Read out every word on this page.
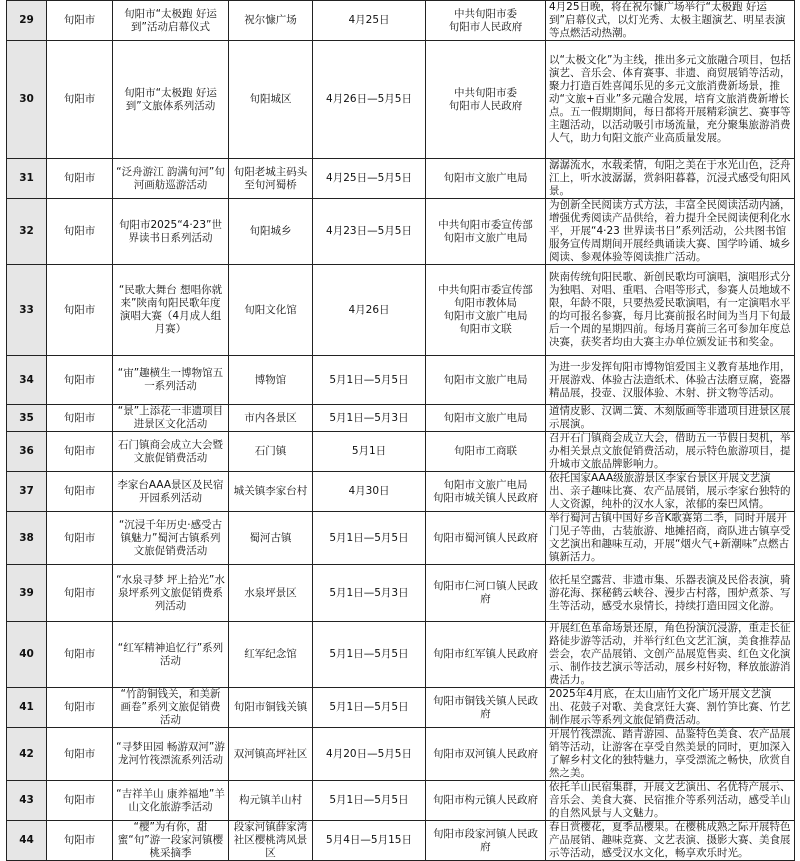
29	旬阳市	旬阳市“太极跑 好运到”活动启幕仪式	祝尔慷广场	4月25日	中共旬阳市委
旬阳市人民政府	4月25日晚，将在祝尔慷广场举行“太极跑 好运到”启幕仪式，以灯光秀、太极主题演艺、明星表演等点燃活动热潮。
30	旬阳市	旬阳市“太极跑 好运到”文旅体系列活动	旬阳城区	4月26日—5月5日	中共旬阳市委
旬阳市人民政府	以“太极文化”为主线，推出多元文旅融合项目，包括演艺、音乐会、体育赛事、非遗、商贸展销等活动，聚力打造百姓喜闻乐见的多元文旅消费新场景，推动“文旅+百业”多元融合发展，培育文旅消费新增长点。五一假期期间，每日都将开展精彩演艺、赛事等主题活动，以活动吸引市场流量，充分聚集旅游消费人气，助力旬阳文旅产业高质量发展。
31	旬阳市	“泛舟游江 韵满旬河”旬河画舫巡游活动	旬阳老城主码头至旬河蜀桥	4月25日—5月5日	旬阳市文旅广电局	潺潺流水，水载柔情，旬阳之美在于水光山色，泛舟江上，听水波潺潺，赏斜阳暮暮，沉浸式感受旬阳风景。
32	旬阳市	旬阳市2025“4·23”世界读书日系列活动	旬阳城乡	4月23日—5月5日	中共旬阳市委宣传部
旬阳市文旅广电局	为创新全民阅读方式方法，丰富全民阅读活动内涵，增强优秀阅读产品供给，着力提升全民阅读便利化水平，开展“4·23 世界读书日”系列活动，公共图书馆服务宣传周期间开展经典诵读大赛、国学吟诵、城乡阅读、参观体验等阅读推广活动。
33	旬阳市	“民歌大舞台 想唱你就来”陕南旬阳民歌年度演唱大赛（4月成人组月赛）	旬阳文化馆	4月26日	中共旬阳市委宣传部
旬阳市教体局
旬阳市文旅广电局
旬阳市文联	陕南传统旬阳民歌、新创民歌均可演唱，演唱形式分为独唱、对唱、重唱、合唱等形式，参赛人员地域不限，年龄不限，只要热爱民歌演唱，有一定演唱水平的均可报名参赛，每月比赛前报名时间为当月下旬最后一个周的星期四前。每场月赛前三名可参加年度总决赛，获奖者均由大赛主办单位颁发证书和奖金。
34	旬阳市	“宙”趣横生一博物馆五一系列活动	博物馆	5月1日—5月5日	旬阳市文旅广电局	为进一步发挥旬阳市博物馆爱国主义教育基地作用，开展游戏、体验古法造纸术、体验古法磨豆腐，瓷器精品展，投壶、汉服体验、木射、拼文物等活动。
35	旬阳市	“景”上添花一非遗项目进景区文化活动	市内各景区	5月1日—5月3日	旬阳市文旅广电局	道情皮影、汉调二簧、木刻版画等非遗项目进景区展示展演。
36	旬阳市	石门镇商会成立大会暨文旅促销费活动	石门镇	5月1日	旬阳市工商联	召开石门镇商会成立大会，借助五一节假日契机，举办相关景点文旅促销费活动，展示特色旅游项目，提升城市文旅品牌影响力。
37	旬阳市	李家台AAA景区及民宿开园系列活动	城关镇李家台村	4月30日	旬阳市文旅广电局
旬阳市城关镇人民政府	依托国家AAA级旅游景区李家台景区开展文艺演出、亲子趣味比赛、农产品展销，展示李家台独特的人文资源，纯朴的汉水人家，浓郁的秦巴风情。
38	旬阳市	“沉浸千年历史·感受古镇魅力”蜀河古镇系列文旅促销费活动	蜀河古镇	5月1日—5月5日	旬阳市蜀河镇人民政府	举行蜀河古镇中国好乡音K歌赛第二季，同时开展开门见子等曲，古装旅游、地摊招商，商队进古镇享受文艺演出和趣味互动，开展“烟火气+新潮味”点燃古镇新活力。
39	旬阳市	“水泉寻梦 坪上拾光”水泉坪系列文旅促销费系列活动	水泉坪景区	5月1日—5月3日	旬阳市仁河口镇人民政府	依托星空露营、非遗市集、乐器表演及民俗表演，骑游花海、探秘鹤云峡谷、漫步古村落，围炉煮茶、写生等活动，感受水泉情长，持续打造田园文化游。
40	旬阳市	“红军精神追忆行”系列活动	红军纪念馆	5月1日—5月5日	旬阳市红军镇人民政府	开展红色革命场景还原，角色扮演沉浸游，重走长征路徒步游等活动，并举行红色文艺汇演，美食推荐品尝会，农产品展销、文创产品展览售卖、红色文化演示、制作技艺演示等活动，展乡村好物，释放旅游消费活力。
41	旬阳市	“竹韵铜钱关，和美新画卷”系列文旅促销费活动	旬阳市铜钱关镇	5月1日—5月5日	旬阳市铜钱关镇人民政府	2025年4月底，在太山庙竹文化广场开展文艺演出、花鼓子对歌、美食烹饪大赛、割竹笋比赛、竹艺制作展示等系列文旅促销费活动。
42	旬阳市	“寻梦田园 畅游双河”游龙河竹筏漂流系列活动	双河镇高坪社区	4月20日—5月5日	旬阳市双河镇人民政府	开展竹筏漂流、踏青游园、品鉴特色美食、农产品展销等活动，让游客在享受自然美景的同时，更加深入了解乡村文化的独特魅力，享受漂流之畅快，欣赏自然之美。
43	旬阳市	“吉祥羊山 康养福地”羊山文化旅游季活动	构元镇羊山村	5月1日—5月5日	旬阳市构元镇人民政府	依托羊山民宿集群，开展文艺演出、名优特产展示、音乐会、美食大赛、民宿推介等系列活动，感受羊山的自然风景与人文魅力。
44	旬阳市	“樱”为有你，甜蜜“旬”游一段家河镇樱桃采摘季	段家河镇薛家湾社区樱桃湾风景区	5月4日—5月15日	旬阳市段家河镇人民政府	春日赏樱花，夏季品樱果。在樱桃成熟之际开展特色产品展销、趣味竞赛、文艺表演、摄影大赛、美食展示等活动，感受汉水文化，畅享欢乐时光。
